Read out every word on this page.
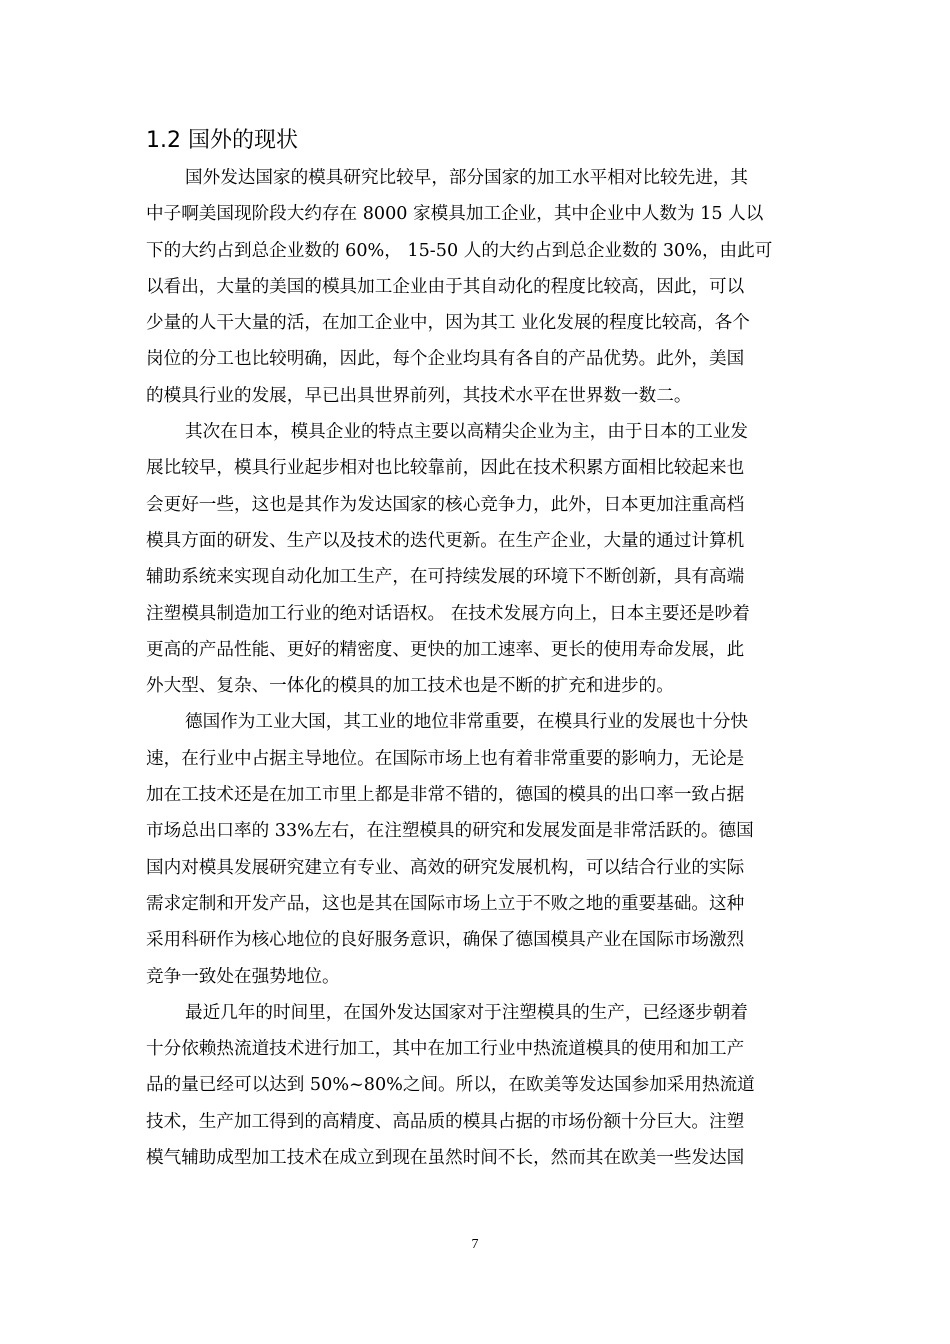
1.2 国外的现状
国外发达国家的模具研究比较早，部分国家的加工水平相对比较先进，其
中子啊美国现阶段大约存在 8000 家模具加工企业，其中企业中人数为 15 人以
下的大约占到总企业数的 60%， 15-50 人的大约占到总企业数的 30%，由此可
以看出，大量的美国的模具加工企业由于其自动化的程度比较高，因此，可以
少量的人干大量的活，在加工企业中，因为其工 业化发展的程度比较高，各个
岗位的分工也比较明确，因此，每个企业均具有各自的产品优势。此外，美国
的模具行业的发展，早已出具世界前列，其技术水平在世界数一数二。
其次在日本，模具企业的特点主要以高精尖企业为主，由于日本的工业发
展比较早，模具行业起步相对也比较靠前，因此在技术积累方面相比较起来也
会更好一些，这也是其作为发达国家的核心竞争力，此外，日本更加注重高档
模具方面的研发、生产以及技术的迭代更新。在生产企业，大量的通过计算机
辅助系统来实现自动化加工生产，在可持续发展的环境下不断创新，具有高端
注塑模具制造加工行业的绝对话语权。 在技术发展方向上，日本主要还是吵着
更高的产品性能、更好的精密度、更快的加工速率、更长的使用寿命发展，此
外大型、复杂、一体化的模具的加工技术也是不断的扩充和进步的。
德国作为工业大国，其工业的地位非常重要，在模具行业的发展也十分快
速，在行业中占据主导地位。在国际市场上也有着非常重要的影响力，无论是
加在工技术还是在加工市里上都是非常不错的，德国的模具的出口率一致占据
市场总出口率的 33%左右，在注塑模具的研究和发展发面是非常活跃的。德国
国内对模具发展研究建立有专业、高效的研究发展机构，可以结合行业的实际
需求定制和开发产品，这也是其在国际市场上立于不败之地的重要基础。这种
采用科研作为核心地位的良好服务意识，确保了德国模具产业在国际市场激烈
竞争一致处在强势地位。
最近几年的时间里，在国外发达国家对于注塑模具的生产，已经逐步朝着
十分依赖热流道技术进行加工，其中在加工行业中热流道模具的使用和加工产
品的量已经可以达到 50%~80%之间。所以，在欧美等发达国参加采用热流道
技术，生产加工得到的高精度、高品质的模具占据的市场份额十分巨大。注塑
模气辅助成型加工技术在成立到现在虽然时间不长，然而其在欧美一些发达国
7
